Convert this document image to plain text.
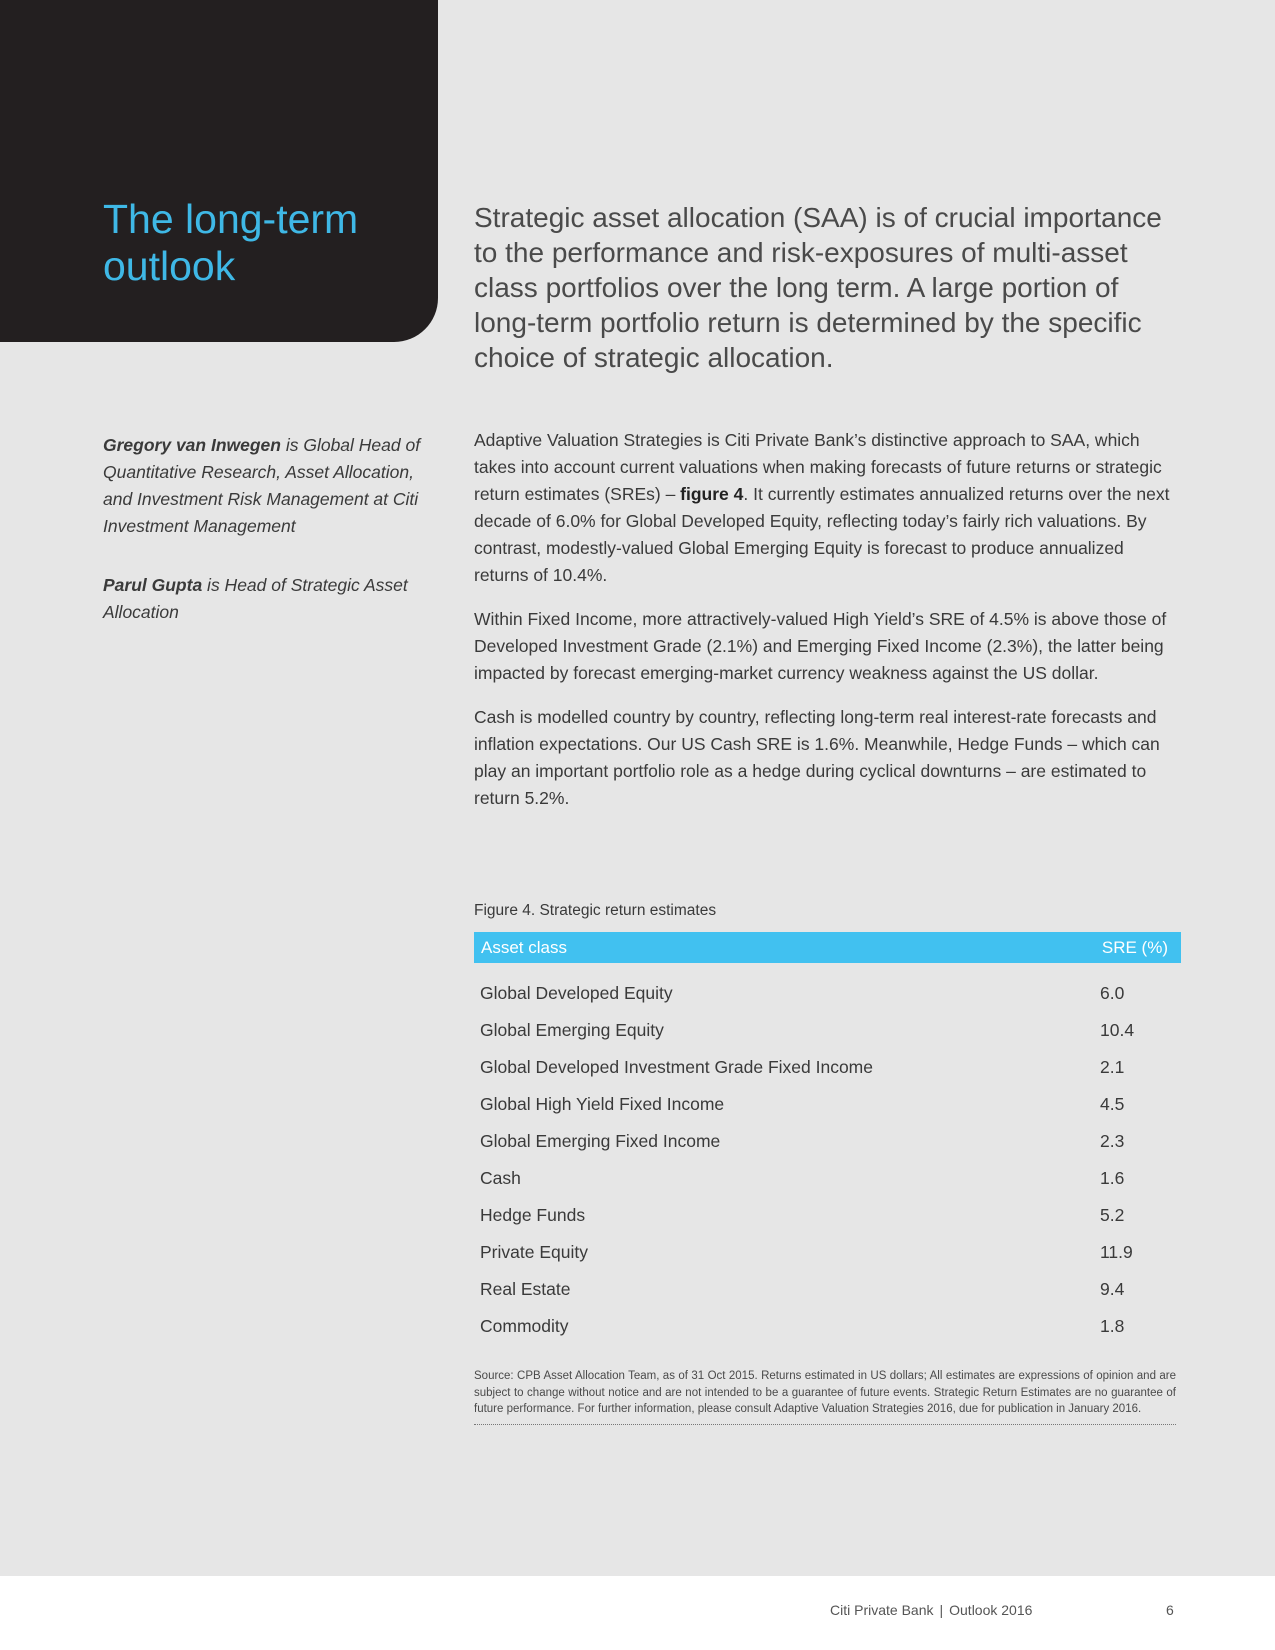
The long-term
outlook

Strategic asset allocation (SAA) is of crucial importance to the performance and risk-exposures of multi-asset class portfolios over the long term. A large portion of long-term portfolio return is determined by the specific choice of strategic allocation.

Gregory van Inwegen is Global Head of Quantitative Research, Asset Allocation, and Investment Risk Management at Citi Investment Management

Parul Gupta is Head of Strategic Asset Allocation

Adaptive Valuation Strategies is Citi Private Bank’s distinctive approach to SAA, which takes into account current valuations when making forecasts of future returns or strategic return estimates (SREs) – figure 4. It currently estimates annualized returns over the next decade of 6.0% for Global Developed Equity, reflecting today’s fairly rich valuations. By contrast, modestly-valued Global Emerging Equity is forecast to produce annualized returns of 10.4%.

Within Fixed Income, more attractively-valued High Yield’s SRE of 4.5% is above those of Developed Investment Grade (2.1%) and Emerging Fixed Income (2.3%), the latter being impacted by forecast emerging-market currency weakness against the US dollar.

Cash is modelled country by country, reflecting long-term real interest-rate forecasts and inflation expectations. Our US Cash SRE is 1.6%. Meanwhile, Hedge Funds – which can play an important portfolio role as a hedge during cyclical downturns – are estimated to return 5.2%.

Figure 4. Strategic return estimates
Asset class	SRE (%)
Global Developed Equity	6.0
Global Emerging Equity	10.4
Global Developed Investment Grade Fixed Income	2.1
Global High Yield Fixed Income	4.5
Global Emerging Fixed Income	2.3
Cash	1.6
Hedge Funds	5.2
Private Equity	11.9
Real Estate	9.4
Commodity	1.8
Source: CPB Asset Allocation Team, as of 31 Oct 2015. Returns estimated in US dollars; All estimates are expressions of opinion and are subject to change without notice and are not intended to be a guarantee of future events. Strategic Return Estimates are no guarantee of future performance. For further information, please consult Adaptive Valuation Strategies 2016, due for publication in January 2016.
Citi Private Bank | Outlook 2016	6
